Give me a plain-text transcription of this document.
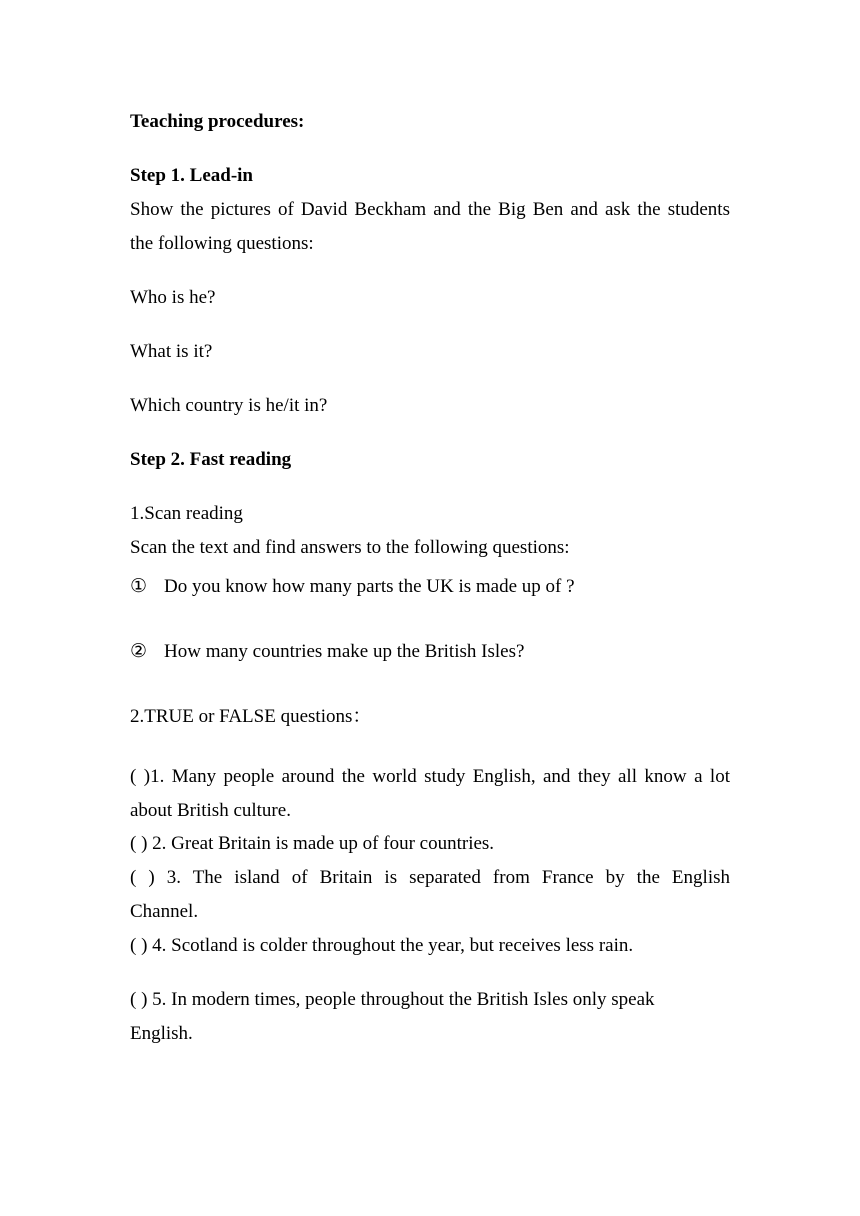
Teaching procedures:
Step 1. Lead-in
Show the pictures of David Beckham and the Big Ben and ask the students
the following questions:
Who is he?
What is it?
Which country is he/it in?
Step 2. Fast reading
1.Scan reading
Scan the text and find answers to the following questions:
① Do you know how many parts the UK is made up of ?
② How many countries make up the British Isles?
2.TRUE or FALSE questions：
( )1. Many people around the world study English, and they all know a lot
about British culture.
( ) 2. Great Britain is made up of four countries.
( ) 3. The island of Britain is separated from France by the English
Channel.
( ) 4. Scotland is colder throughout the year, but receives less rain.
( ) 5. In modern times, people throughout the British Isles only speak
English.
